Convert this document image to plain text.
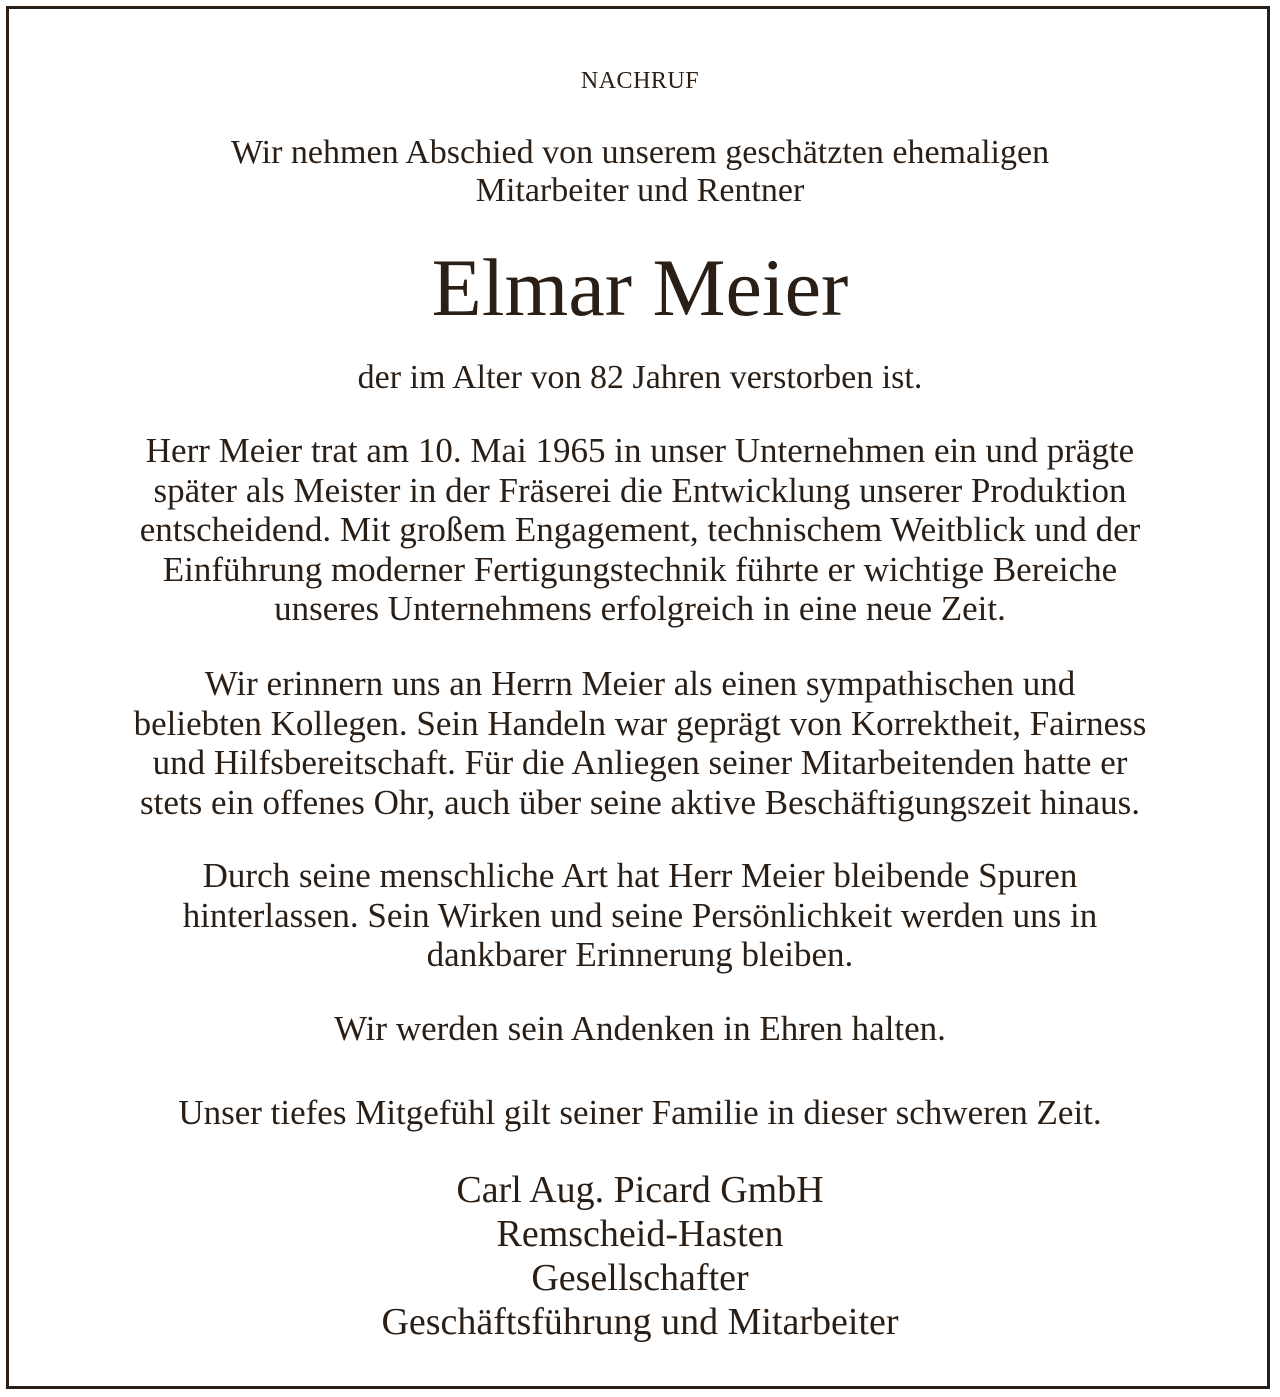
NACHRUF
Wir nehmen Abschied von unserem geschätzten ehemaligen
Mitarbeiter und Rentner
Elmar Meier
der im Alter von 82 Jahren verstorben ist.
Herr Meier trat am 10. Mai 1965 in unser Unternehmen ein und prägte
später als Meister in der Fräserei die Entwicklung unserer Produktion
entscheidend. Mit großem Engagement, technischem Weitblick und der
Einführung moderner Fertigungstechnik führte er wichtige Bereiche
unseres Unternehmens erfolgreich in eine neue Zeit.
Wir erinnern uns an Herrn Meier als einen sympathischen und
beliebten Kollegen. Sein Handeln war geprägt von Korrektheit, Fairness
und Hilfsbereitschaft. Für die Anliegen seiner Mitarbeitenden hatte er
stets ein offenes Ohr, auch über seine aktive Beschäftigungszeit hinaus.
Durch seine menschliche Art hat Herr Meier bleibende Spuren
hinterlassen. Sein Wirken und seine Persönlichkeit werden uns in
dankbarer Erinnerung bleiben.
Wir werden sein Andenken in Ehren halten.
Unser tiefes Mitgefühl gilt seiner Familie in dieser schweren Zeit.
Carl Aug. Picard GmbH
Remscheid-Hasten
Gesellschafter
Geschäftsführung und Mitarbeiter
